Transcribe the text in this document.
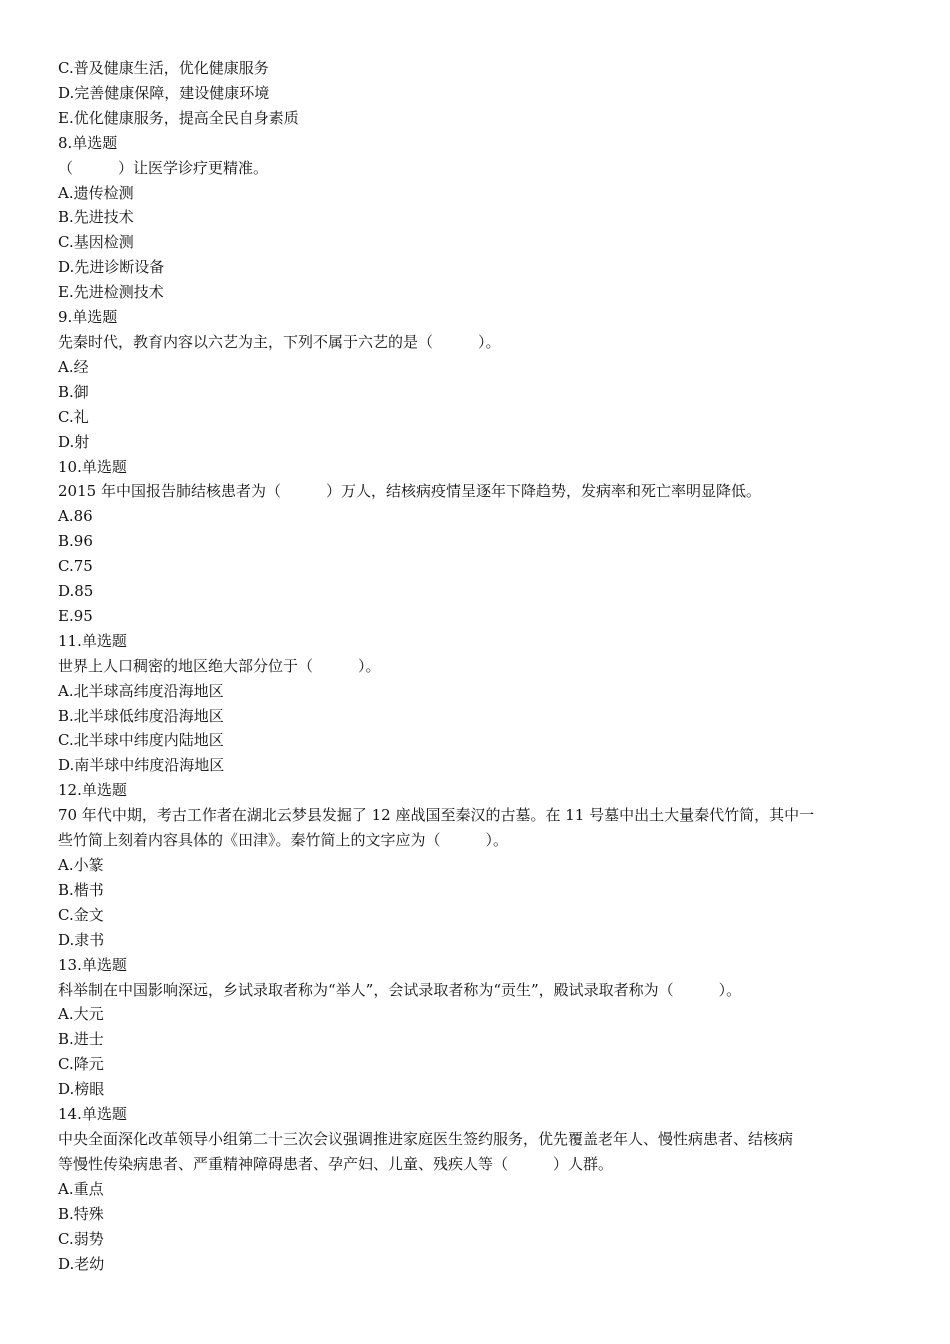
C.普及健康生活，优化健康服务
D.完善健康保障，建设健康环境
E.优化健康服务，提高全民自身素质
8.单选题
（　　　）让医学诊疗更精准。
A.遗传检测
B.先进技术
C.基因检测
D.先进诊断设备
E.先进检测技术
9.单选题
先秦时代，教育内容以六艺为主，下列不属于六艺的是（　　　）。
A.经
B.御
C.礼
D.射
10.单选题
2015 年中国报告肺结核患者为（　　　）万人，结核病疫情呈逐年下降趋势，发病率和死亡率明显降低。
A.86
B.96
C.75
D.85
E.95
11.单选题
世界上人口稠密的地区绝大部分位于（　　　）。
A.北半球高纬度沿海地区
B.北半球低纬度沿海地区
C.北半球中纬度内陆地区
D.南半球中纬度沿海地区
12.单选题
70 年代中期，考古工作者在湖北云梦县发掘了 12 座战国至秦汉的古墓。在 11 号墓中出土大量秦代竹简，其中一
些竹简上刻着内容具体的《田津》。秦竹简上的文字应为（　　　）。
A.小篆
B.楷书
C.金文
D.隶书
13.单选题
科举制在中国影响深远，乡试录取者称为“举人”，会试录取者称为“贡生”，殿试录取者称为（　　　）。
A.大元
B.进士
C.降元
D.榜眼
14.单选题
中央全面深化改革领导小组第二十三次会议强调推进家庭医生签约服务，优先覆盖老年人、慢性病患者、结核病
等慢性传染病患者、严重精神障碍患者、孕产妇、儿童、残疾人等（　　　）人群。
A.重点
B.特殊
C.弱势
D.老幼
